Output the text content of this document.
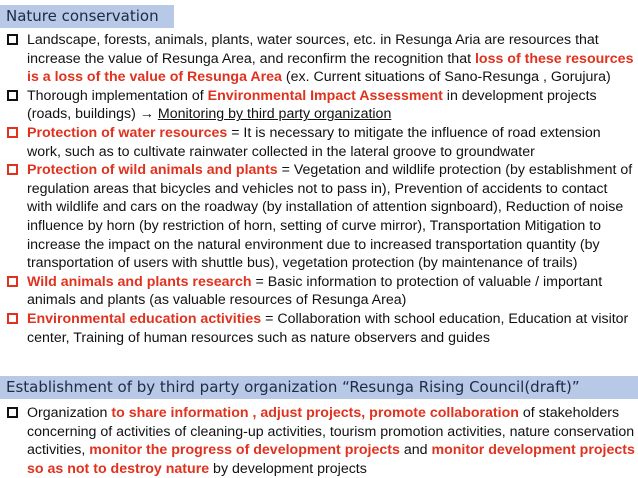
Nature conservation
Landscape, forests, animals, plants, water sources, etc. in Resunga Aria are resources that increase the value of Resunga Area, and reconfirm the recognition that loss of these resources is a loss of the value of Resunga Area (ex. Current situations of Sano-Resunga , Gorujura)
Thorough implementation of Environmental Impact Assessment in development projects (roads, buildings) → Monitoring by third party organization
Protection of water resources = It is necessary to mitigate the influence of road extension work, such as to cultivate rainwater collected in the lateral groove to groundwater
Protection of wild animals and plants = Vegetation and wildlife protection (by establishment of regulation areas that bicycles and vehicles not to pass in), Prevention of accidents to contact with wildlife and cars on the roadway (by installation of attention signboard), Reduction of noise influence by horn (by restriction of horn, setting of curve mirror), Transportation Mitigation to increase the impact on the natural environment due to increased transportation quantity (by transportation of users with shuttle bus), vegetation protection (by maintenance of trails)
Wild animals and plants research = Basic information to protection of valuable / important animals and plants (as valuable resources of Resunga Area)
Environmental education activities = Collaboration with school education, Education at visitor center, Training of human resources such as nature observers and guides
Establishment of by third party organization “Resunga Rising Council(draft)”
Organization to share information , adjust projects, promote collaboration of stakeholders concerning of activities of cleaning-up activities, tourism promotion activities, nature conservation activities, monitor the progress of development projects and monitor development projects so as not to destroy nature by development projects
